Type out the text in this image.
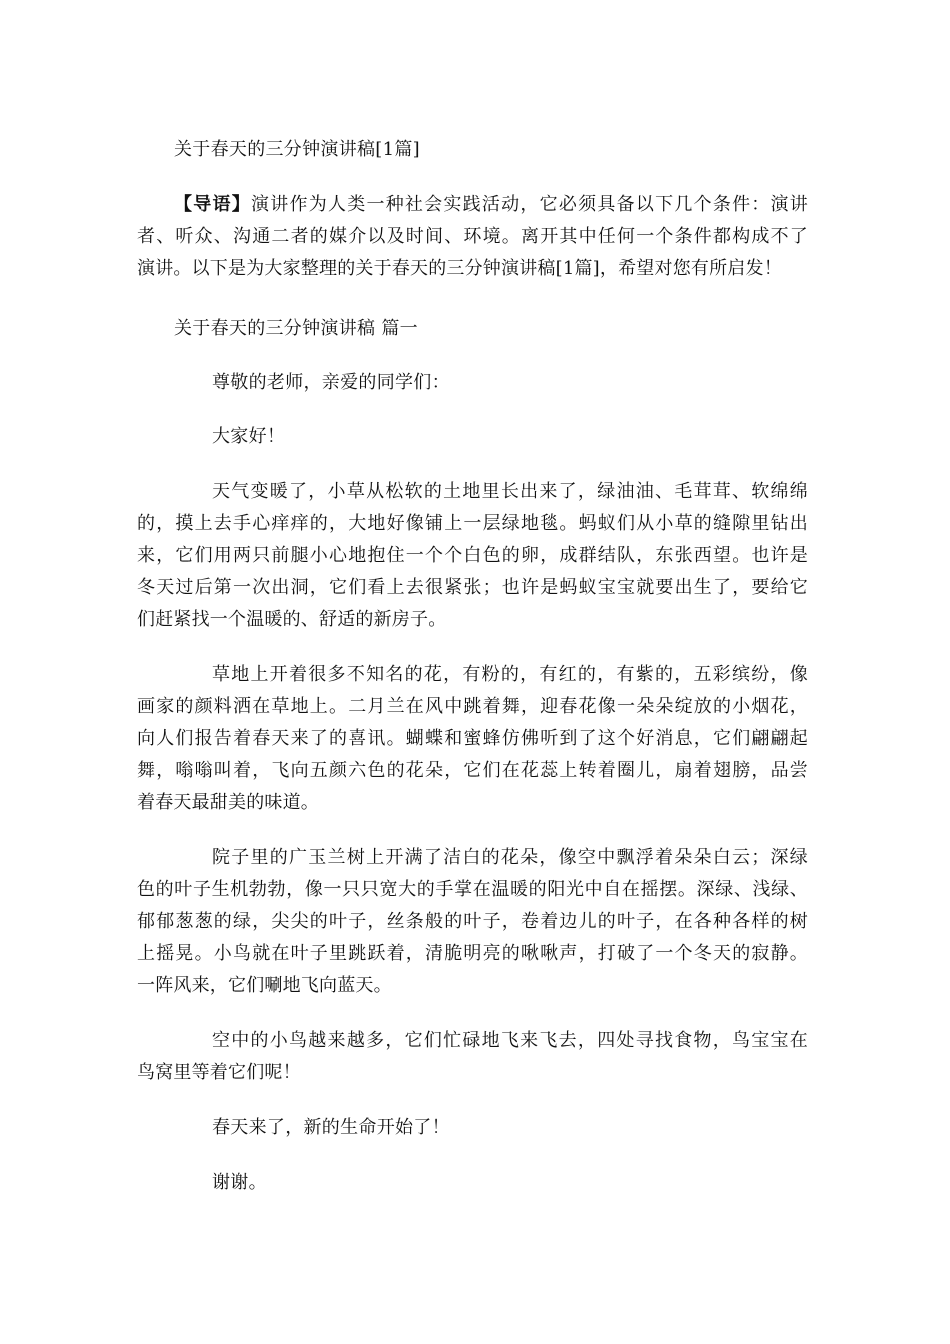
关于春天的三分钟演讲稿[1篇]
【导语】演讲作为人类一种社会实践活动，它必须具备以下几个条件：演讲
者、听众、沟通二者的媒介以及时间、环境。离开其中任何一个条件都构成不了
演讲。以下是为大家整理的关于春天的三分钟演讲稿[1篇]，希望对您有所启发！
关于春天的三分钟演讲稿 篇一
尊敬的老师，亲爱的同学们：
大家好！
天气变暖了，小草从松软的土地里长出来了，绿油油、毛茸茸、软绵绵
的，摸上去手心痒痒的，大地好像铺上一层绿地毯。蚂蚁们从小草的缝隙里钻出
来，它们用两只前腿小心地抱住一个个白色的卵，成群结队，东张西望。也许是
冬天过后第一次出洞，它们看上去很紧张；也许是蚂蚁宝宝就要出生了，要给它
们赶紧找一个温暖的、舒适的新房子。
草地上开着很多不知名的花，有粉的，有红的，有紫的，五彩缤纷，像
画家的颜料洒在草地上。二月兰在风中跳着舞，迎春花像一朵朵绽放的小烟花，
向人们报告着春天来了的喜讯。蝴蝶和蜜蜂仿佛听到了这个好消息，它们翩翩起
舞，嗡嗡叫着，飞向五颜六色的花朵，它们在花蕊上转着圈儿，扇着翅膀，品尝
着春天最甜美的味道。
院子里的广玉兰树上开满了洁白的花朵，像空中飘浮着朵朵白云；深绿
色的叶子生机勃勃，像一只只宽大的手掌在温暖的阳光中自在摇摆。深绿、浅绿、
郁郁葱葱的绿，尖尖的叶子，丝条般的叶子，卷着边儿的叶子，在各种各样的树
上摇晃。小鸟就在叶子里跳跃着，清脆明亮的啾啾声，打破了一个冬天的寂静。
一阵风来，它们唰地飞向蓝天。
空中的小鸟越来越多，它们忙碌地飞来飞去，四处寻找食物，鸟宝宝在
鸟窝里等着它们呢！
春天来了，新的生命开始了！
谢谢。
